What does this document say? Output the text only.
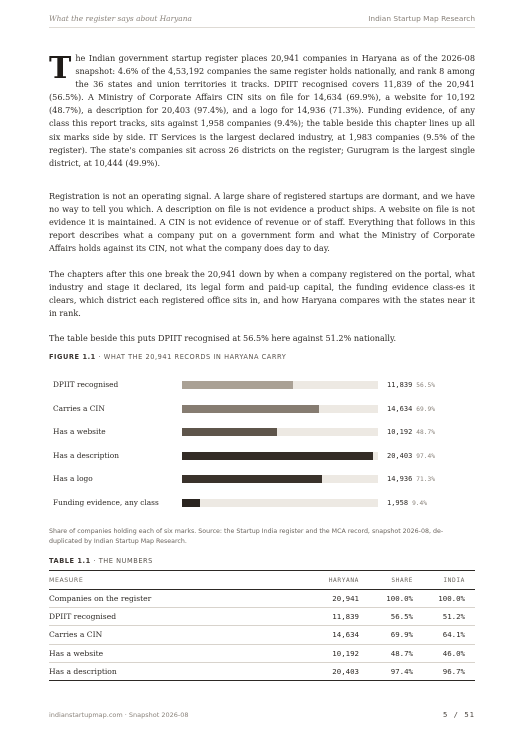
What the register says about Haryana	Indian Startup Map Research

The Indian government startup register places 20,941 companies in Haryana as of the 2026-08 snapshot: 4.6% of the 4,53,192 companies the same register holds nationally, and rank 8 among the 36 states and union territories it tracks. DPIIT recognised covers 11,839 of the 20,941 (56.5%). A Ministry of Corporate Affairs CIN sits on file for 14,634 (69.9%), a website for 10,192 (48.7%), a description for 20,403 (97.4%), and a logo for 14,936 (71.3%). Funding evidence, of any class this report tracks, sits against 1,958 companies (9.4%); the table beside this chapter lines up all six marks side by side. IT Services is the largest declared industry, at 1,983 companies (9.5% of the register). The state's companies sit across 26 districts on the register; Gurugram is the largest single district, at 10,444 (49.9%).

Registration is not an operating signal. A large share of registered startups are dormant, and we have no way to tell you which. A description on file is not evidence a product ships. A website on file is not evidence it is maintained. A CIN is not evidence of revenue or of staff. Everything that follows in this report describes what a company put on a government form and what the Ministry of Corporate Affairs holds against its CIN, not what the company does day to day.

The chapters after this one break the 20,941 down by when a company registered on the portal, what industry and stage it declared, its legal form and paid-up capital, the funding evidence class-es it clears, which district each registered office sits in, and how Haryana compares with the states near it in rank.

The table beside this puts DPIIT recognised at 56.5% here against 51.2% nationally.

FIGURE 1.1 · WHAT THE 20,941 RECORDS IN HARYANA CARRY
DPIIT recognised	11,839 56.5%
Carries a CIN	14,634 69.9%
Has a website	10,192 48.7%
Has a description	20,403 97.4%
Has a logo	14,936 71.3%
Funding evidence, any class	1,958 9.4%

Share of companies holding each of six marks. Source: the Startup India register and the MCA record, snapshot 2026-08, de-duplicated by Indian Startup Map Research.

TABLE 1.1 · THE NUMBERS
MEASURE	HARYANA	SHARE	INDIA
Companies on the register	20,941	100.0%	100.0%
DPIIT recognised	11,839	56.5%	51.2%
Carries a CIN	14,634	69.9%	64.1%
Has a website	10,192	48.7%	46.0%
Has a description	20,403	97.4%	96.7%
indianstartupmap.com · Snapshot 2026-08	5 / 51
